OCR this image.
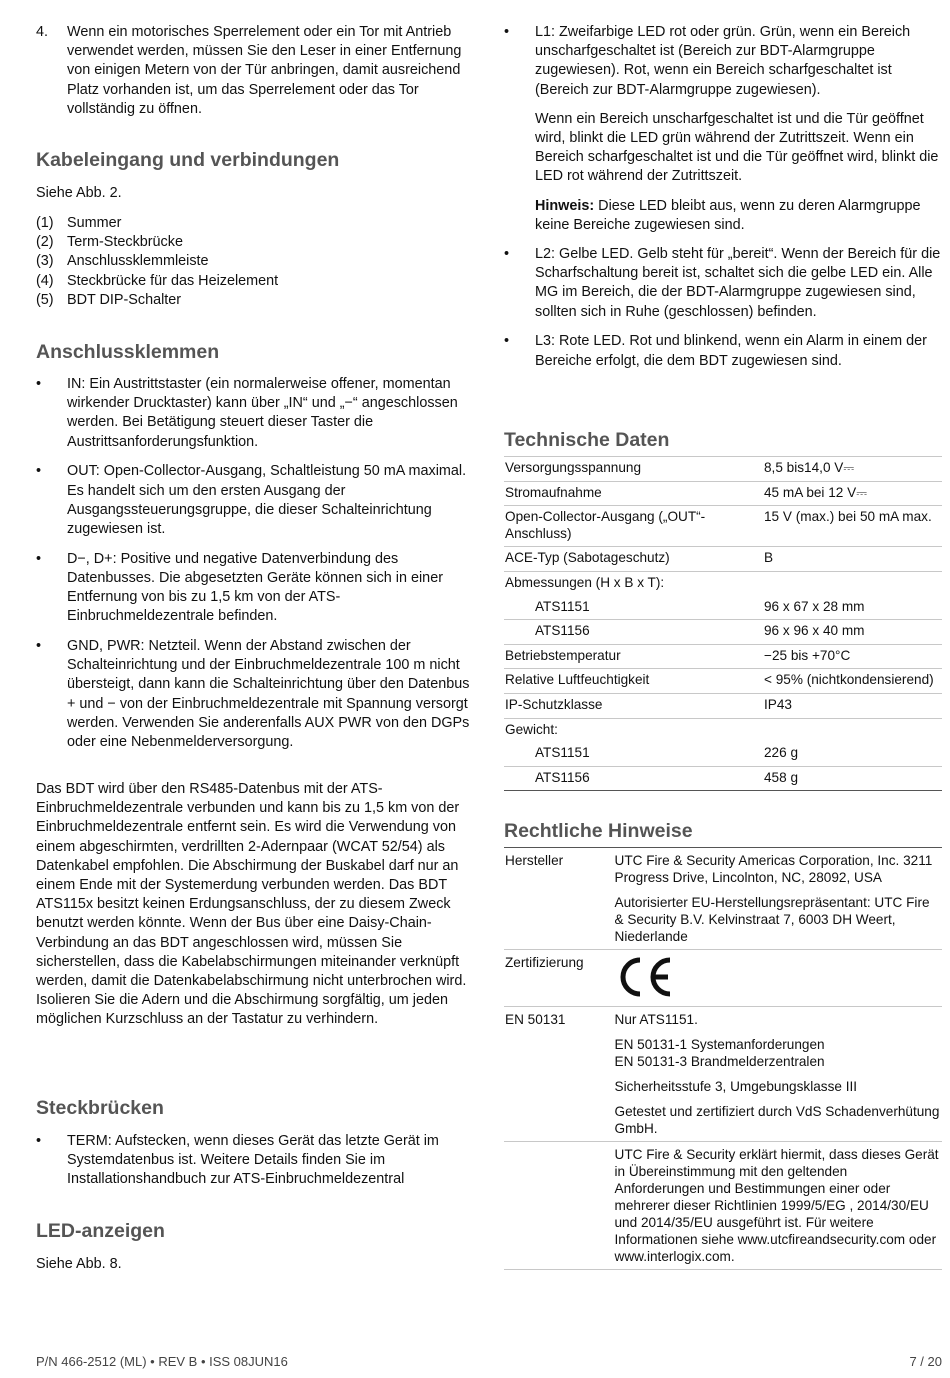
4. Wenn ein motorisches Sperrelement oder ein Tor mit Antrieb verwendet werden, müssen Sie den Leser in einer Entfernung von einigen Metern von der Tür anbringen, damit ausreichend Platz vorhanden ist, um das Sperrelement oder das Tor vollständig zu öffnen.
Kabeleingang und verbindungen

Siehe Abb. 2.

(1) Summer
(2) Term-Steckbrücke
(3) Anschlussklemmleiste
(4) Steckbrücke für das Heizelement
(5) BDT DIP-Schalter
Anschlussklemmen
• IN: Ein Austrittstaster (ein normalerweise offener, momentan wirkender Drucktaster) kann über „IN“ und „−“ angeschlossen werden. Bei Betätigung steuert dieser Taster die Austrittsanforderungsfunktion.
• OUT: Open-Collector-Ausgang, Schaltleistung 50 mA maximal. Es handelt sich um den ersten Ausgang der Ausgangssteuerungsgruppe, die dieser Schalteinrichtung zugewiesen ist.
• D−, D+: Positive und negative Datenverbindung des Datenbusses. Die abgesetzten Geräte können sich in einer Entfernung von bis zu 1,5 km von der ATS-Einbruchmeldezentrale befinden.
• GND, PWR: Netzteil. Wenn der Abstand zwischen der Schalteinrichtung und der Einbruchmeldezentrale 100 m nicht übersteigt, dann kann die Schalteinrichtung über den Datenbus + und − von der Einbruchmeldezentrale mit Spannung versorgt werden. Verwenden Sie anderenfalls AUX PWR von den DGPs oder eine Nebenmelderversorgung.

Das BDT wird über den RS485-Datenbus mit der ATS-Einbruchmeldezentrale verbunden und kann bis zu 1,5 km von der Einbruchmeldezentrale entfernt sein. Es wird die Verwendung von einem abgeschirmten, verdrillten 2-Adernpaar (WCAT 52/54) als Datenkabel empfohlen. Die Abschirmung der Buskabel darf nur an einem Ende mit der Systemerdung verbunden werden. Das BDT ATS115x besitzt keinen Erdungsanschluss, der zu diesem Zweck benutzt werden könnte. Wenn der Bus über eine Daisy-Chain-Verbindung an das BDT angeschlossen wird, müssen Sie sicherstellen, dass die Kabelabschirmungen miteinander verknüpft werden, damit die Datenkabelabschirmung nicht unterbrochen wird. Isolieren Sie die Adern und die Abschirmung sorgfältig, um jeden möglichen Kurzschluss an der Tastatur zu verhindern.

Steckbrücken
• TERM: Aufstecken, wenn dieses Gerät das letzte Gerät im Systemdatenbus ist. Weitere Details finden Sie im Installationshandbuch zur ATS-Einbruchmeldezentral
LED-anzeigen

Siehe Abb. 8.

• L1: Zweifarbige LED rot oder grün. Grün, wenn ein Bereich unscharfgeschaltet ist (Bereich zur BDT-Alarmgruppe zugewiesen). Rot, wenn ein Bereich scharfgeschaltet ist (Bereich zur BDT-Alarmgruppe zugewiesen).
Wenn ein Bereich unscharfgeschaltet ist und die Tür geöffnet wird, blinkt die LED grün während der Zutrittszeit. Wenn ein Bereich scharfgeschaltet ist und die Tür geöffnet wird, blinkt die LED rot während der Zutrittszeit.
Hinweis: Diese LED bleibt aus, wenn zu deren Alarmgruppe keine Bereiche zugewiesen sind.
• L2: Gelbe LED. Gelb steht für „bereit“. Wenn der Bereich für die Scharfschaltung bereit ist, schaltet sich die gelbe LED ein. Alle MG im Bereich, die der BDT-Alarmgruppe zugewiesen sind, sollten sich in Ruhe (geschlossen) befinden.
• L3: Rote LED. Rot und blinkend, wenn ein Alarm in einem der Bereiche erfolgt, die dem BDT zugewiesen sind.
Technische Daten
Versorgungsspannung	8,5 bis14,0 V⎓
Stromaufnahme	45 mA bei 12 V⎓
Open-Collector-Ausgang („OUT“-Anschluss)	15 V (max.) bei 50 mA max.
ACE-Typ (Sabotageschutz)	B
Abmessungen (H x B x T):	
ATS1151	96 x 67 x 28 mm
ATS1156	96 x 96 x 40 mm
Betriebstemperatur	−25 bis +70°C
Relative Luftfeuchtigkeit	< 95% (nichtkondensierend)
IP-Schutzklasse	IP43
Gewicht:	
ATS1151	226 g
ATS1156	458 g
Rechtliche Hinweise
Hersteller	UTC Fire & Security Americas Corporation, Inc. 3211 Progress Drive, Lincolnton, NC, 28092, USA
	Autorisierter EU-Herstellungsrepräsentant: UTC Fire & Security B.V. Kelvinstraat 7, 6003 DH Weert, Niederlande
Zertifizierung	
EN 50131	Nur ATS1151.

	EN 50131-1 Systemanforderungen
EN 50131-3 Brandmelderzentralen

	Sicherheitsstufe 3, Umgebungsklasse III
	Getestet und zertifiziert durch VdS Schadenverhütung GmbH.
	UTC Fire & Security erklärt hiermit, dass dieses Gerät in Übereinstimmung mit den geltenden Anforderungen und Bestimmungen einer oder mehrerer dieser Richtlinien 1999/5/EG , 2014/30/EU und 2014/35/EU ausgeführt ist. Für weitere Informationen siehe www.utcfireandsecurity.com oder www.interlogix.com.
P/N 466-2512 (ML) • REV B • ISS 08JUN16	7 / 20
